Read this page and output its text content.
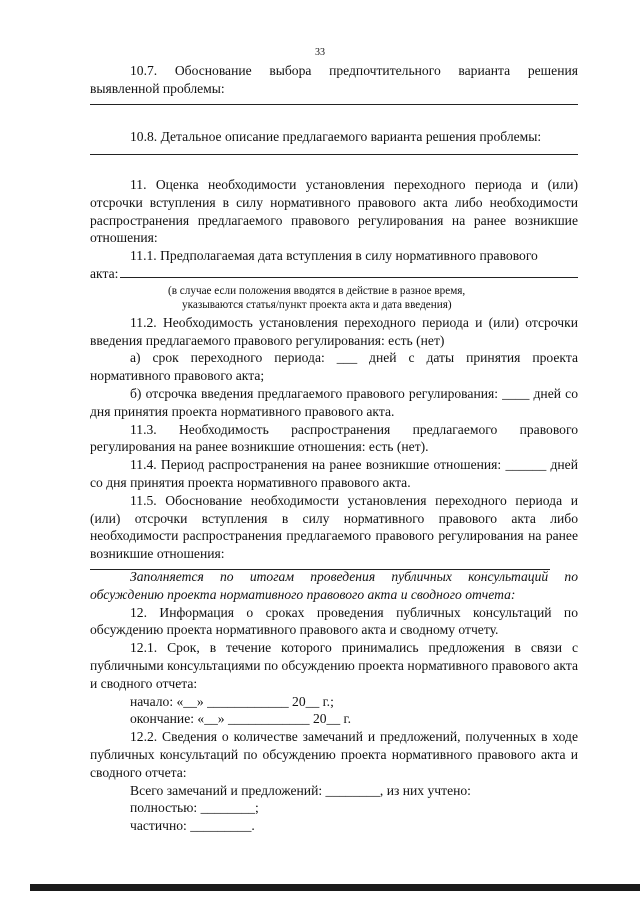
33

10.7. Обоснование выбора предпочтительного варианта решения выявленной проблемы:

10.8. Детальное описание предлагаемого варианта решения проблемы:

11. Оценка необходимости установления переходного периода и (или) отсрочки вступления в силу нормативного правового акта либо необходимости распространения предлагаемого правового регулирования на ранее возникшие отношения:

11.1. Предполагаемая дата вступления в силу нормативного правового

акта:
(в случае если положения вводятся в действие в разное время,
указываются статья/пункт проекта акта и дата введения)

11.2. Необходимость установления переходного периода и (или) отсрочки введения предлагаемого правового регулирования: есть (нет)

а) срок переходного периода: ___ дней с даты принятия проекта нормативного правового акта;

б) отсрочка введения предлагаемого правового регулирования: ____ дней со дня принятия проекта нормативного правового акта.

11.3. Необходимость распространения предлагаемого правового регулирования на ранее возникшие отношения: есть (нет).

11.4. Период распространения на ранее возникшие отношения: ______ дней со дня принятия проекта нормативного правового акта.

11.5. Обоснование необходимости установления переходного периода и (или) отсрочки вступления в силу нормативного правового акта либо необходимости распространения предлагаемого правового регулирования на ранее возникшие отношения:

Заполняется по итогам проведения публичных консультаций по обсуждению проекта нормативного правового акта и сводного отчета:

12. Информация о сроках проведения публичных консультаций по обсуждению проекта нормативного правового акта и сводному отчету.

12.1. Срок, в течение которого принимались предложения в связи с публичными консультациями по обсуждению проекта нормативного правового акта и сводного отчета:

начало: «__» ____________ 20__ г.;
окончание: «__» ____________ 20__ г.

12.2. Сведения о количестве замечаний и предложений, полученных в ходе публичных консультаций по обсуждению проекта нормативного правового акта и сводного отчета:

Всего замечаний и предложений: ________, из них учтено:
полностью: ________;
частично: _________.
